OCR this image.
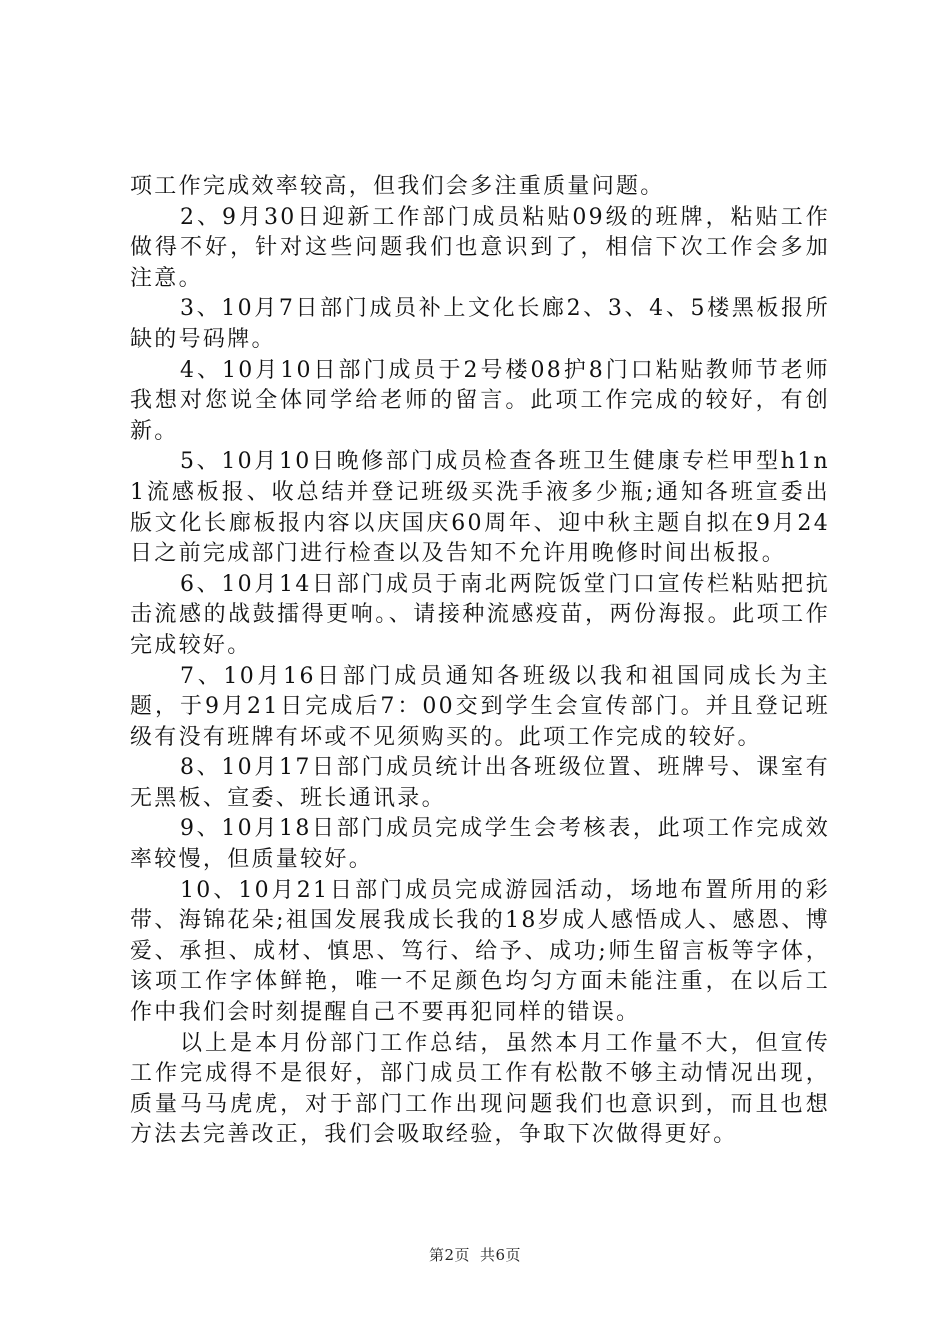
项工作完成效率较高，但我们会多注重质量问题。

2、9月30日迎新工作部门成员粘贴09级的班牌，粘贴工作做得不好，针对这些问题我们也意识到了，相信下次工作会多加注意。

3、10月7日部门成员补上文化长廊2、3、4、5楼黑板报所缺的号码牌。

4、10月10日部门成员于2号楼08护8门口粘贴教师节老师我想对您说全体同学给老师的留言。此项工作完成的较好，有创新。

5、10月10日晚修部门成员检查各班卫生健康专栏甲型h1n1流感板报、收总结并登记班级买洗手液多少瓶;通知各班宣委出版文化长廊板报内容以庆国庆60周年、迎中秋主题自拟在9月24日之前完成部门进行检查以及告知不允许用晚修时间出板报。

6、10月14日部门成员于南北两院饭堂门口宣传栏粘贴把抗击流感的战鼓擂得更响。、请接种流感疫苗，两份海报。此项工作完成较好。

7、10月16日部门成员通知各班级以我和祖国同成长为主题，于9月21日完成后7：00交到学生会宣传部门。并且登记班级有没有班牌有坏或不见须购买的。此项工作完成的较好。

8、10月17日部门成员统计出各班级位置、班牌号、课室有无黑板、宣委、班长通讯录。

9、10月18日部门成员完成学生会考核表，此项工作完成效率较慢，但质量较好。

10、10月21日部门成员完成游园活动，场地布置所用的彩带、海锦花朵;祖国发展我成长我的18岁成人感悟成人、感恩、博爱、承担、成材、慎思、笃行、给予、成功;师生留言板等字体，该项工作字体鲜艳，唯一不足颜色均匀方面未能注重，在以后工作中我们会时刻提醒自己不要再犯同样的错误。

以上是本月份部门工作总结，虽然本月工作量不大，但宣传工作完成得不是很好，部门成员工作有松散不够主动情况出现，质量马马虎虎，对于部门工作出现问题我们也意识到，而且也想方法去完善改正，我们会吸取经验，争取下次做得更好。

第2页 共6页
